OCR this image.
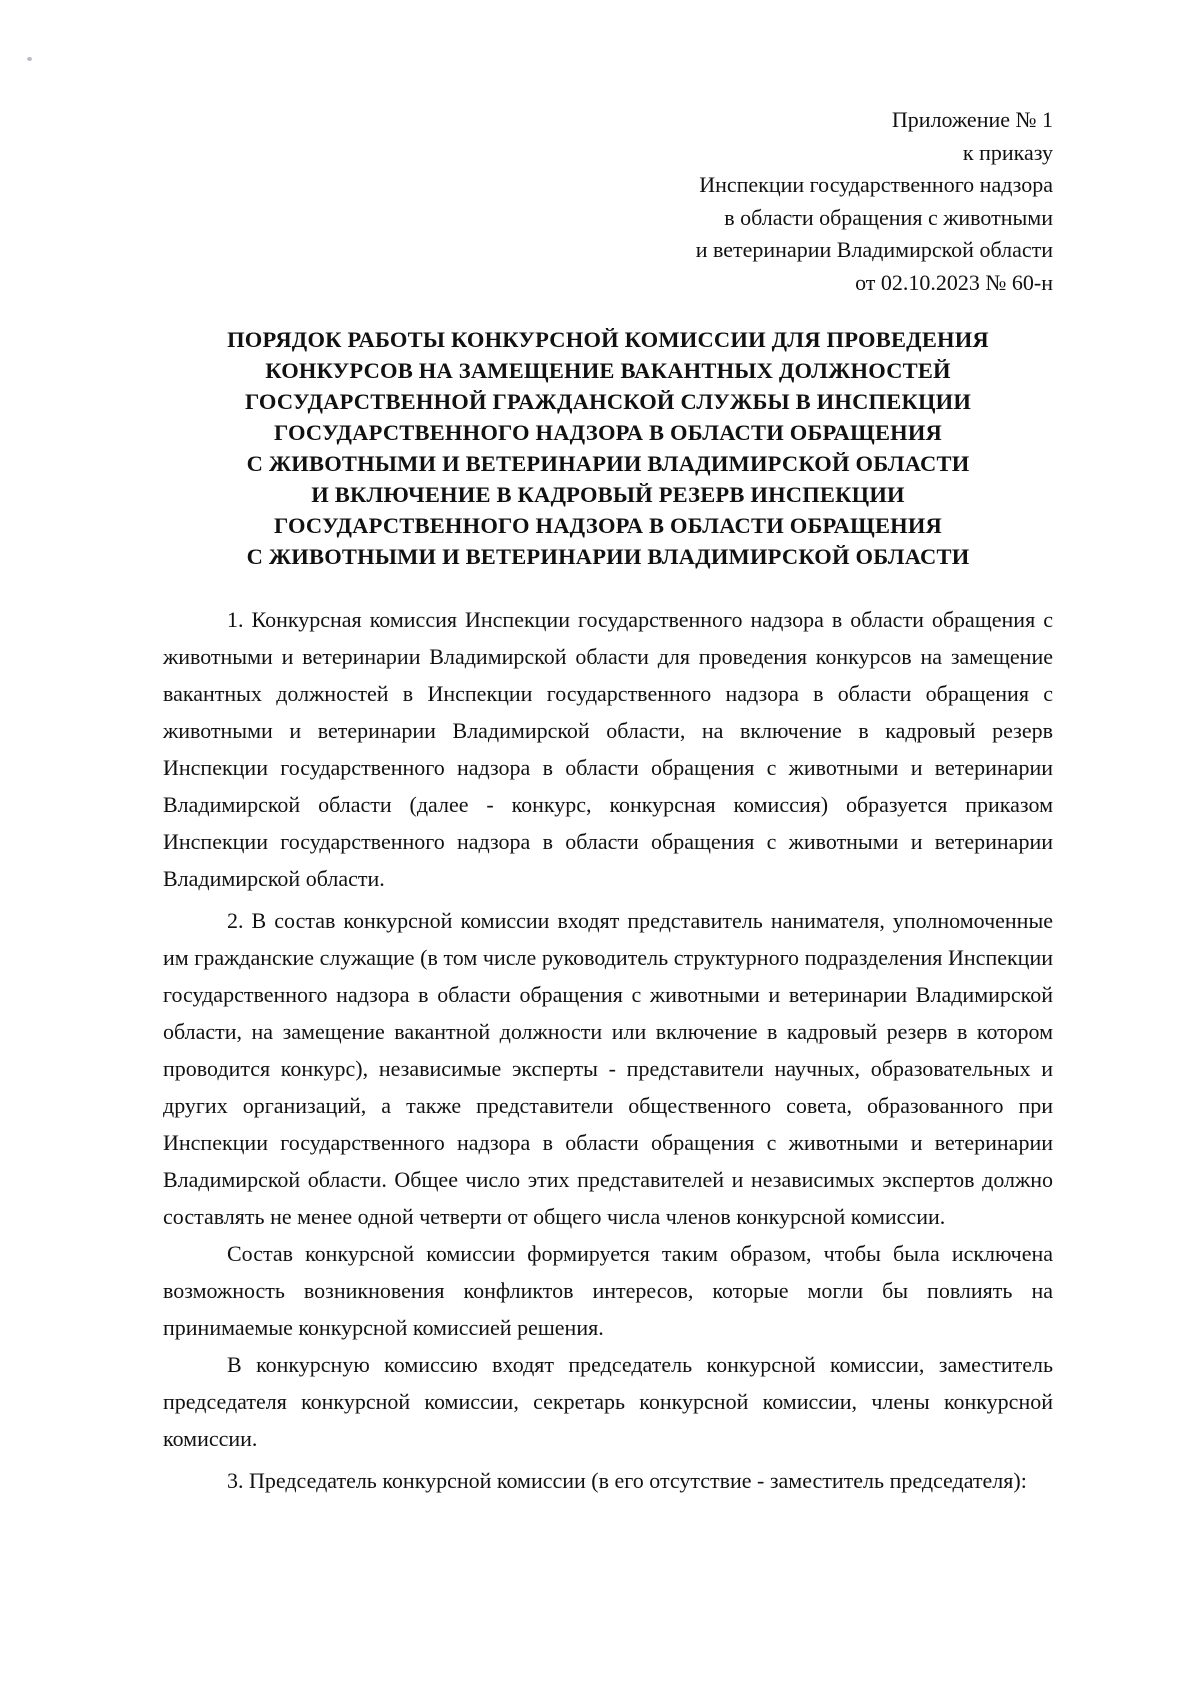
Приложение № 1
к приказу
Инспекции государственного надзора
в области обращения с животными
и ветеринарии Владимирской области
от 02.10.2023 № 60-н
ПОРЯДОК РАБОТЫ КОНКУРСНОЙ КОМИССИИ ДЛЯ ПРОВЕДЕНИЯ
КОНКУРСОВ НА ЗАМЕЩЕНИЕ ВАКАНТНЫХ ДОЛЖНОСТЕЙ
ГОСУДАРСТВЕННОЙ ГРАЖДАНСКОЙ СЛУЖБЫ В ИНСПЕКЦИИ
ГОСУДАРСТВЕННОГО НАДЗОРА В ОБЛАСТИ ОБРАЩЕНИЯ
С ЖИВОТНЫМИ И ВЕТЕРИНАРИИ ВЛАДИМИРСКОЙ ОБЛАСТИ
И ВКЛЮЧЕНИЕ В КАДРОВЫЙ РЕЗЕРВ ИНСПЕКЦИИ
ГОСУДАРСТВЕННОГО НАДЗОРА В ОБЛАСТИ ОБРАЩЕНИЯ
С ЖИВОТНЫМИ И ВЕТЕРИНАРИИ ВЛАДИМИРСКОЙ ОБЛАСТИ

1. Конкурсная комиссия Инспекции государственного надзора в области обращения с животными и ветеринарии Владимирской области для проведения конкурсов на замещение вакантных должностей в Инспекции государственного надзора в области обращения с животными и ветеринарии Владимирской области, на включение в кадровый резерв Инспекции государственного надзора в области обращения с животными и ветеринарии Владимирской области (далее - конкурс, конкурсная комиссия) образуется приказом Инспекции государственного надзора в области обращения с животными и ветеринарии Владимирской области.

2. В состав конкурсной комиссии входят представитель нанимателя, уполномоченные им гражданские служащие (в том числе руководитель структурного подразделения Инспекции государственного надзора в области обращения с животными и ветеринарии Владимирской области, на замещение вакантной должности или включение в кадровый резерв в котором проводится конкурс), независимые эксперты - представители научных, образовательных и других организаций, а также представители общественного совета, образованного при Инспекции государственного надзора в области обращения с животными и ветеринарии Владимирской области. Общее число этих представителей и независимых экспертов должно составлять не менее одной четверти от общего числа членов конкурсной комиссии.

Состав конкурсной комиссии формируется таким образом, чтобы была исключена возможность возникновения конфликтов интересов, которые могли бы повлиять на принимаемые конкурсной комиссией решения.

В конкурсную комиссию входят председатель конкурсной комиссии, заместитель председателя конкурсной комиссии, секретарь конкурсной комиссии, члены конкурсной комиссии.

3. Председатель конкурсной комиссии (в его отсутствие - заместитель председателя):
